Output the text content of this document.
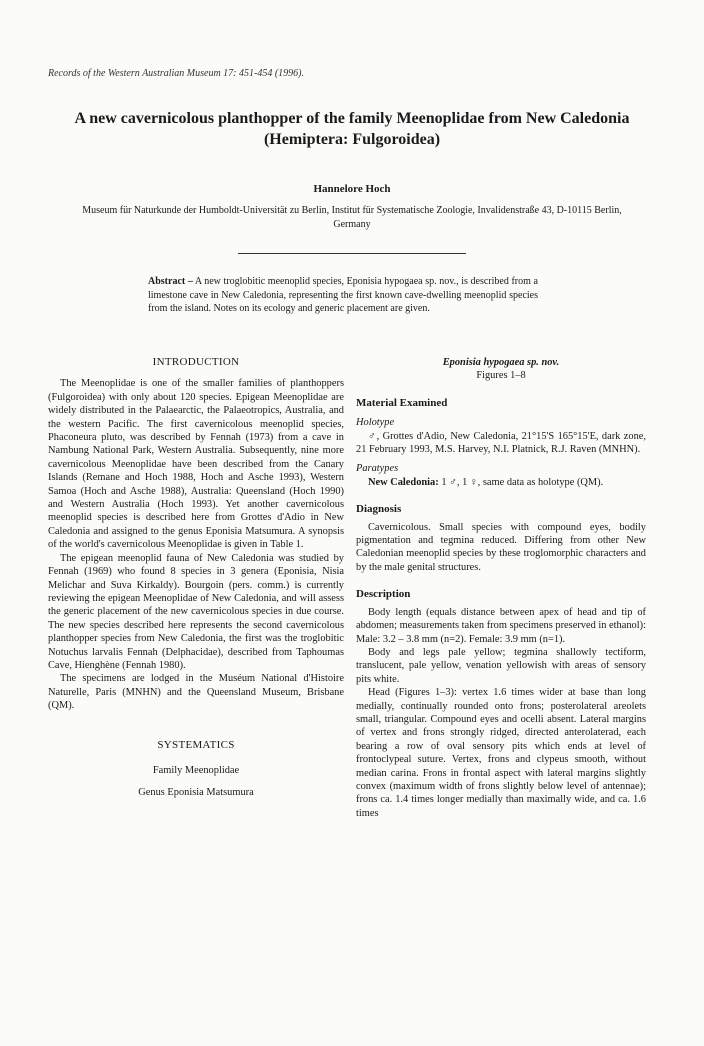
Records of the Western Australian Museum 17: 451-454 (1996).
A new cavernicolous planthopper of the family Meenoplidae from New Caledonia (Hemiptera: Fulgoroidea)
Hannelore Hoch
Museum für Naturkunde der Humboldt-Universität zu Berlin, Institut für Systematische Zoologie, Invalidenstraße 43, D-10115 Berlin, Germany
Abstract – A new troglobitic meenoplid species, Eponisia hypogaea sp. nov., is described from a limestone cave in New Caledonia, representing the first known cave-dwelling meenoplid species from the island. Notes on its ecology and generic placement are given.
INTRODUCTION

The Meenoplidae is one of the smaller families of planthoppers (Fulgoroidea) with only about 120 species. Epigean Meenoplidae are widely distributed in the Palaearctic, the Palaeotropics, Australia, and the western Pacific. The first cavernicolous meenoplid species, Phaconeura pluto, was described by Fennah (1973) from a cave in Nambung National Park, Western Australia. Subsequently, nine more cavernicolous Meenoplidae have been described from the Canary Islands (Remane and Hoch 1988, Hoch and Asche 1993), Western Samoa (Hoch and Asche 1988), Australia: Queensland (Hoch 1990) and Western Australia (Hoch 1993). Yet another cavernicolous meenoplid species is described here from Grottes d'Adio in New Caledonia and assigned to the genus Eponisia Matsumura. A synopsis of the world's cavernicolous Meenoplidae is given in Table 1.

The epigean meenoplid fauna of New Caledonia was studied by Fennah (1969) who found 8 species in 3 genera (Eponisia, Nisia Melichar and Suva Kirkaldy). Bourgoin (pers. comm.) is currently reviewing the epigean Meenoplidae of New Caledonia, and will assess the generic placement of the new cavernicolous species in due course. The new species described here represents the second cavernicolous planthopper species from New Caledonia, the first was the troglobitic Notuchus larvalis Fennah (Delphacidae), described from Taphoumas Cave, Hienghène (Fennah 1980).

The specimens are lodged in the Muséum National d'Histoire Naturelle, Paris (MNHN) and the Queensland Museum, Brisbane (QM).

SYSTEMATICS
Family Meenoplidae
Genus Eponisia Matsumura
Eponisia hypogaea sp. nov.
Figures 1–8
Material Examined
Holotype

♂, Grottes d'Adio, New Caledonia, 21°15'S 165°15'E, dark zone, 21 February 1993, M.S. Harvey, N.I. Platnick, R.J. Raven (MNHN).

Paratypes

New Caledonia: 1 ♂, 1 ♀, same data as holotype (QM).

Diagnosis

Cavernicolous. Small species with compound eyes, bodily pigmentation and tegmina reduced. Differing from other New Caledonian meenoplid species by these troglomorphic characters and by the male genital structures.

Description

Body length (equals distance between apex of head and tip of abdomen; measurements taken from specimens preserved in ethanol): Male: 3.2 – 3.8 mm (n=2). Female: 3.9 mm (n=1).

Body and legs pale yellow; tegmina shallowly tectiform, translucent, pale yellow, venation yellowish with areas of sensory pits white.

Head (Figures 1–3): vertex 1.6 times wider at base than long medially, continually rounded onto frons; posterolateral areolets small, triangular. Compound eyes and ocelli absent. Lateral margins of vertex and frons strongly ridged, directed anterolaterad, each bearing a row of oval sensory pits which ends at level of frontoclypeal suture. Vertex, frons and clypeus smooth, without median carina. Frons in frontal aspect with lateral margins slightly convex (maximum width of frons slightly below level of antennae); frons ca. 1.4 times longer medially than maximally wide, and ca. 1.6 times
